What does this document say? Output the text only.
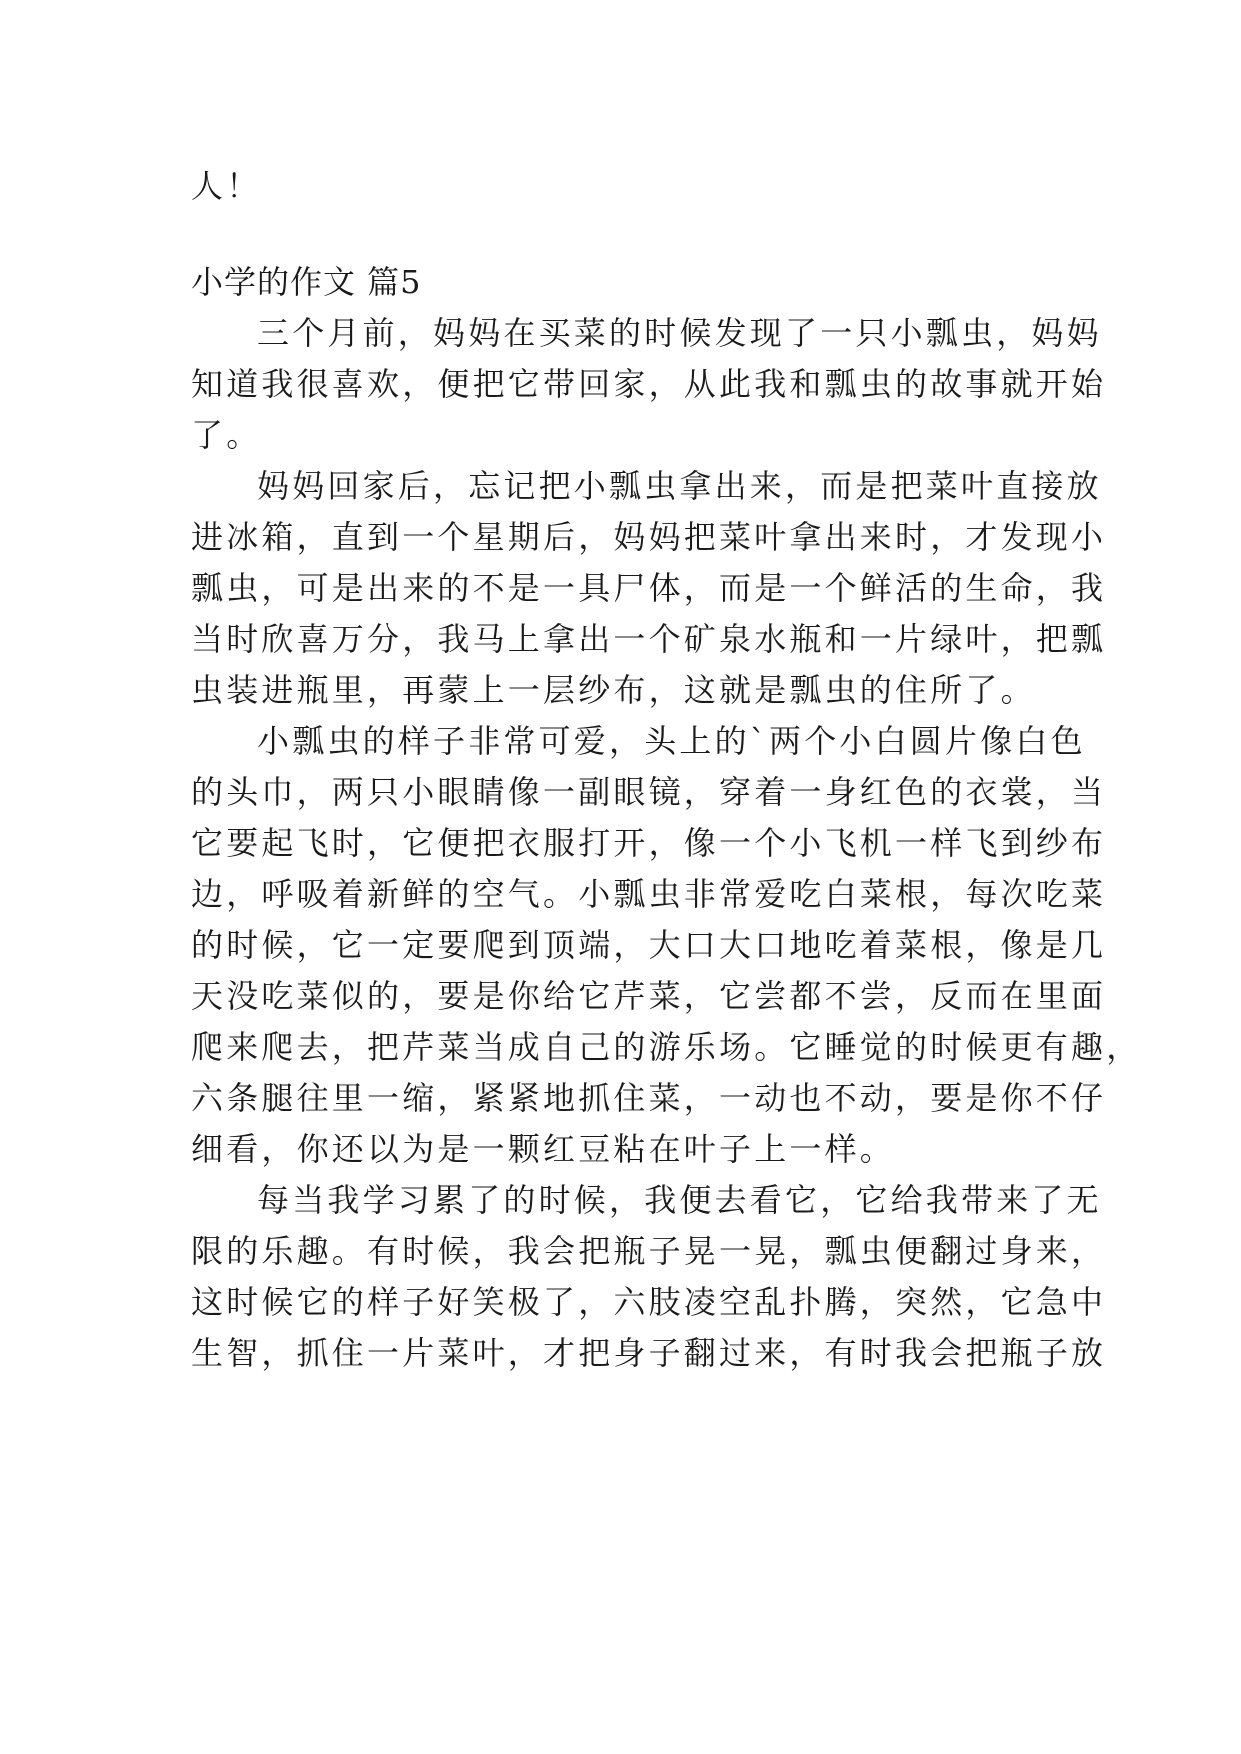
人！
小学的作文 篇5
三个月前，妈妈在买菜的时候发现了一只小瓢虫，妈妈
知道我很喜欢，便把它带回家，从此我和瓢虫的故事就开始
了。
妈妈回家后，忘记把小瓢虫拿出来，而是把菜叶直接放
进冰箱，直到一个星期后，妈妈把菜叶拿出来时，才发现小
瓢虫，可是出来的不是一具尸体，而是一个鲜活的生命，我
当时欣喜万分，我马上拿出一个矿泉水瓶和一片绿叶，把瓢
虫装进瓶里，再蒙上一层纱布，这就是瓢虫的住所了。
小瓢虫的样子非常可爱，头上的`两个小白圆片像白色
的头巾，两只小眼睛像一副眼镜，穿着一身红色的衣裳，当
它要起飞时，它便把衣服打开，像一个小飞机一样飞到纱布
边，呼吸着新鲜的空气。小瓢虫非常爱吃白菜根，每次吃菜
的时候，它一定要爬到顶端，大口大口地吃着菜根，像是几
天没吃菜似的，要是你给它芹菜，它尝都不尝，反而在里面
爬来爬去，把芹菜当成自己的游乐场。它睡觉的时候更有趣，
六条腿往里一缩，紧紧地抓住菜，一动也不动，要是你不仔
细看，你还以为是一颗红豆粘在叶子上一样。
每当我学习累了的时候，我便去看它，它给我带来了无
限的乐趣。有时候，我会把瓶子晃一晃，瓢虫便翻过身来，
这时候它的样子好笑极了，六肢凌空乱扑腾，突然，它急中
生智，抓住一片菜叶，才把身子翻过来，有时我会把瓶子放
